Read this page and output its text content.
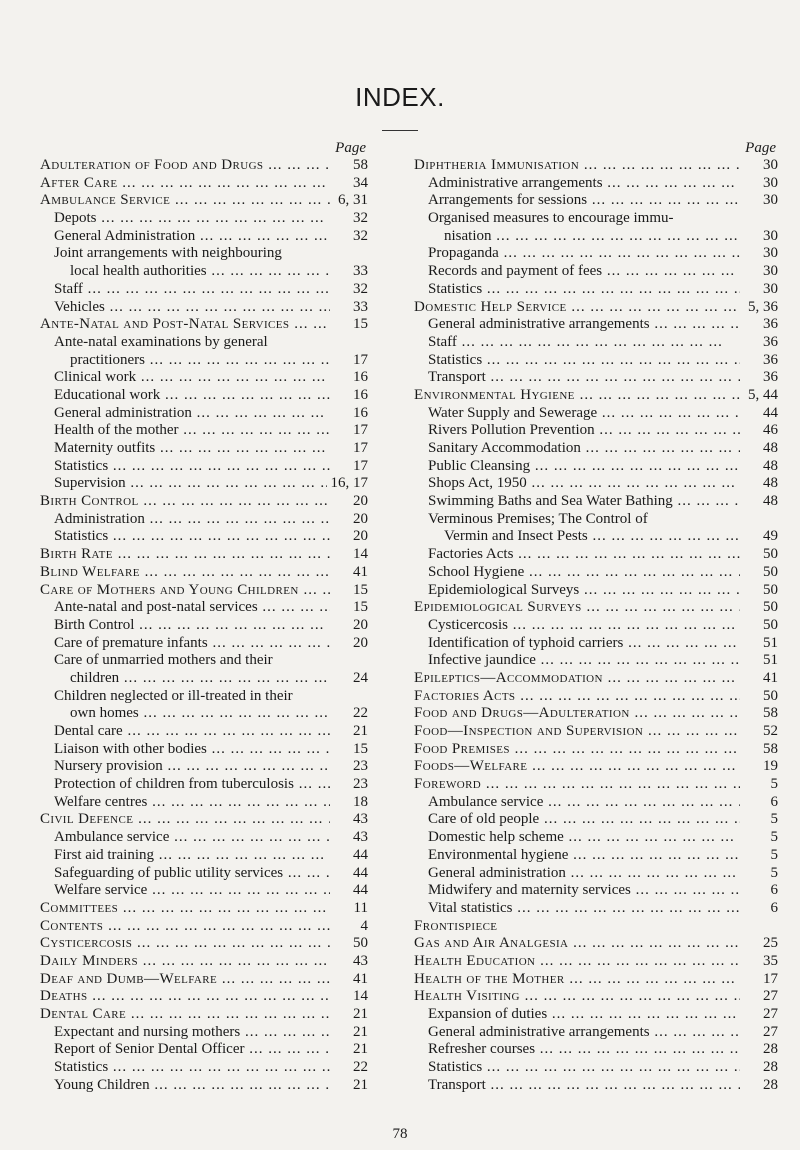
INDEX.
Page
Adulteration of Food and Drugs ... .	58
After Care ... .	34
Ambulance Service ... .	6, 31
Depots ... .	32
General Administration ... .	32
Joint arrangements with neighbouring
local health authorities ... .	33
Staff ... .	32
Vehicles ... .	33
Ante-Natal and Post-Natal Services ... .	15
Ante-natal examinations by general
practitioners ... .	17
Clinical work ... .	16
Educational work ... .	16
General administration ... .	16
Health of the mother ... .	17
Maternity outfits ... .	17
Statistics ... .	17
Supervision ... .	16, 17
Birth Control ... .	20
Administration ... .	20
Statistics ... .	20
Birth Rate ... .	14
Blind Welfare ... .	41
Care of Mothers and Young Children ... .	15
Ante-natal and post-natal services ... .	15
Birth Control ... .	20
Care of premature infants ... .	20
Care of unmarried mothers and their
children ... .	24
Children neglected or ill-treated in their
own homes ... .	22
Dental care ... .	21
Liaison with other bodies ... .	15
Nursery provision ... .	23
Protection of children from tuberculosis ... .	23
Welfare centres ... .	18
Civil Defence ... .	43
Ambulance service ... .	43
First aid training ... .	44
Safeguarding of public utility services ... .	44
Welfare service ... .	44
Committees ... .	11
Contents ... .	4
Cysticercosis ... .	50
Daily Minders ... .	43
Deaf and Dumb—Welfare ... .	41
Deaths ... .	14
Dental Care ... .	21
Expectant and nursing mothers ... .	21
Report of Senior Dental Officer ... .	21
Statistics ... .	22
Young Children ... .	21
Page
Diphtheria Immunisation ... .	30
Administrative arrangements ... .	30
Arrangements for sessions ... .	30
Organised measures to encourage immu-
nisation ... .	30
Propaganda ... .	30
Records and payment of fees ... .	30
Statistics ... .	30
Domestic Help Service ... .	5, 36
General administrative arrangements ... .	36
Staff ... .	36
Statistics ... .	36
Transport ... .	36
Environmental Hygiene ... .	5, 44
Water Supply and Sewerage ... .	44
Rivers Pollution Prevention ... .	46
Sanitary Accommodation ... .	48
Public Cleansing ... .	48
Shops Act, 1950 ... .	48
Swimming Baths and Sea Water Bathing ... .	48
Verminous Premises; The Control of
Vermin and Insect Pests ... .	49
Factories Acts ... .	50
School Hygiene ... .	50
Epidemiological Surveys ... .	50
Epidemiological Surveys ... .	50
Cysticercosis ... .	50
Identification of typhoid carriers ... .	51
Infective jaundice ... .	51
Epileptics—Accommodation ... .	41
Factories Acts ... .	50
Food and Drugs—Adulteration ... .	58
Food—Inspection and Supervision ... .	52
Food Premises ... .	58
Foods—Welfare ... .	19
Foreword ... .	5
Ambulance service ... .	6
Care of old people ... .	5
Domestic help scheme ... .	5
Environmental hygiene ... .	5
General administration ... .	5
Midwifery and maternity services ... .	6
Vital statistics ... .	6
Frontispiece
Gas and Air Analgesia ... .	25
Health Education ... .	35
Health of the Mother ... .	17
Health Visiting ... .	27
Expansion of duties ... .	27
General administrative arrangements ... .	27
Refresher courses ... .	28
Statistics ... .	28
Transport ... .	28
78
